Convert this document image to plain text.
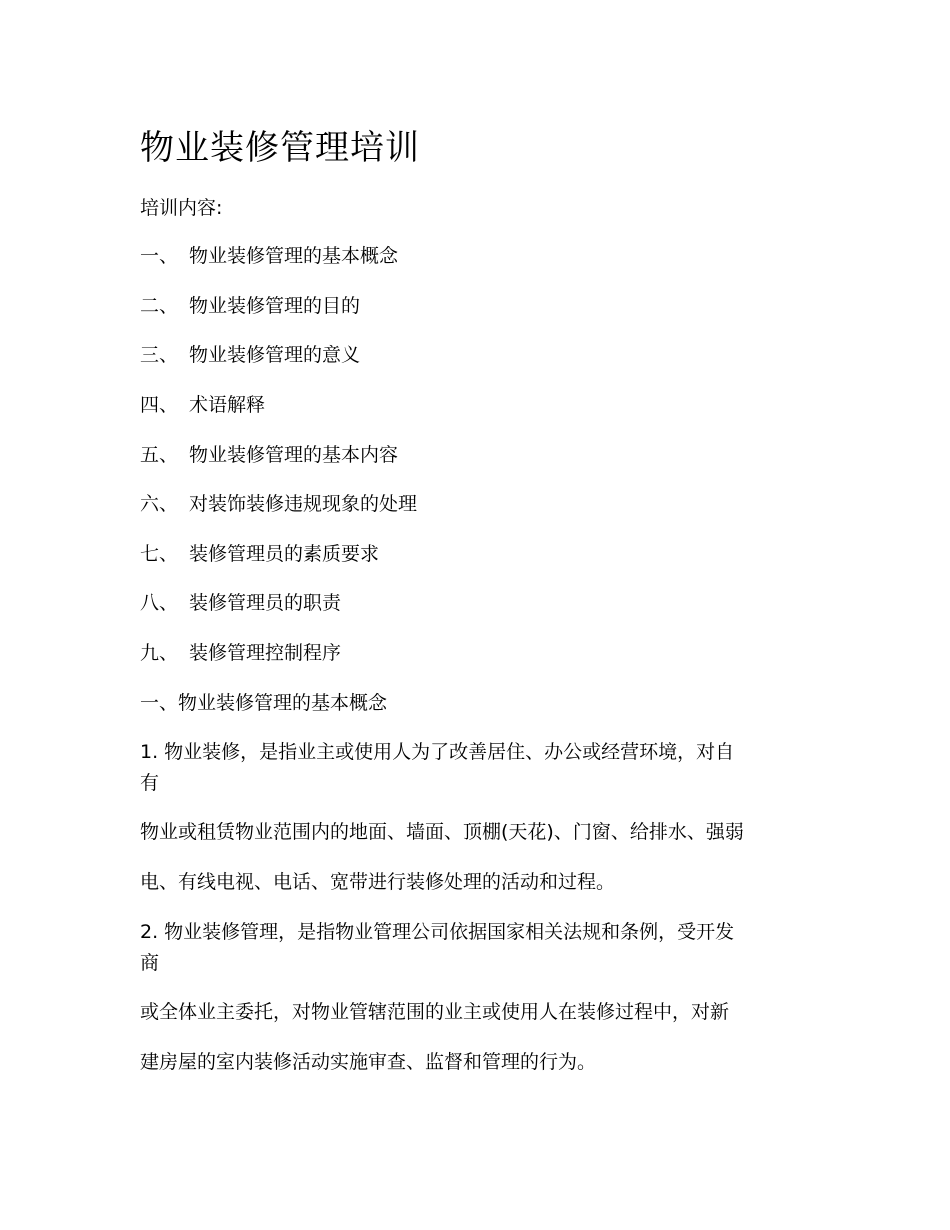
物业装修管理培训

培训内容:

一、 物业装修管理的基本概念

二、 物业装修管理的目的

三、 物业装修管理的意义

四、 术语解释

五、 物业装修管理的基本内容

六、 对装饰装修违规现象的处理

七、 装修管理员的素质要求

八、 装修管理员的职责

九、 装修管理控制程序

一、物业装修管理的基本概念

1. 物业装修，是指业主或使用人为了改善居住、办公或经营环境，对自

有

物业或租赁物业范围内的地面、墙面、顶棚(天花)、门窗、给排水、强弱

电、有线电视、电话、宽带进行装修处理的活动和过程。

2. 物业装修管理，是指物业管理公司依据国家相关法规和条例，受开发

商

或全体业主委托，对物业管辖范围的业主或使用人在装修过程中，对新

建房屋的室内装修活动实施审查、监督和管理的行为。
